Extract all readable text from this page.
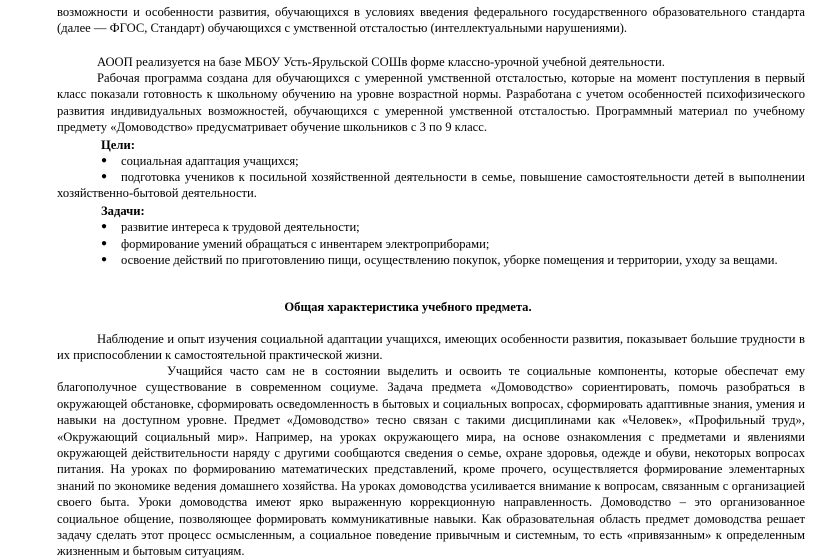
возможности и особенности развития, обучающихся в условиях введения федерального государственного образовательного стандарта (далее — ФГОС, Стандарт) обучающихся с умственной отсталостью (интеллектуальными нарушениями).

АООП реализуется на базе МБОУ Усть-Ярульской СОШв форме классно-урочной учебной деятельности.

Рабочая программа создана для обучающихся с умеренной умственной отсталостью, которые на момент поступления в первый класс показали готовность к школьному обучению на уровне возрастной нормы. Разработана с учетом особенностей психофизического развития индивидуальных возможностей, обучающихся с умеренной умственной отсталостью. Программный материал по учебному предмету «Домоводство» предусматривает обучение школьников с 3 по 9 класс.

Цели:

● социальная адаптация учащихся;
● подготовка учеников к посильной хозяйственной деятельности в семье, повышение самостоятельности детей в выполнении хозяйственно-бытовой деятельности.

Задачи:

● развитие интереса к трудовой деятельности;
● формирование умений обращаться с инвентарем электроприборами;
● освоение действий по приготовлению пищи, осуществлению покупок, уборке помещения и территории, уходу за вещами.

Общая характеристика учебного предмета.

Наблюдение и опыт изучения социальной адаптации учащихся, имеющих особенности развития, показывает большие трудности в их приспособлении к самостоятельной практической жизни.

Учащийся часто сам не в состоянии выделить и освоить те социальные компоненты, которые обеспечат ему благополучное существование в современном социуме. Задача предмета «Домоводство» сориентировать, помочь разобраться в окружающей обстановке, сформировать осведомленность в бытовых и социальных вопросах, сформировать адаптивные знания, умения и навыки на доступном уровне. Предмет «Домоводство» тесно связан с такими дисциплинами как «Человек», «Профильный труд», «Окружающий социальный мир». Например, на уроках окружающего мира, на основе ознакомления с предметами и явлениями окружающей действительности наряду с другими сообщаются сведения о семье, охране здоровья, одежде и обуви, некоторых вопросах питания. На уроках по формированию математических представлений, кроме прочего, осуществляется формирование элементарных знаний по экономике ведения домашнего хозяйства. На уроках домоводства усиливается внимание к вопросам, связанным с организацией своего быта. Уроки домоводства имеют ярко выраженную коррекционную направленность. Домоводство – это организованное социальное общение, позволяющее формировать коммуникативные навыки. Как образовательная область предмет домоводства решает задачу сделать этот процесс осмысленным, а социальное поведение привычным и системным, то есть «привязанным» к определенным жизненным и бытовым ситуациям.
